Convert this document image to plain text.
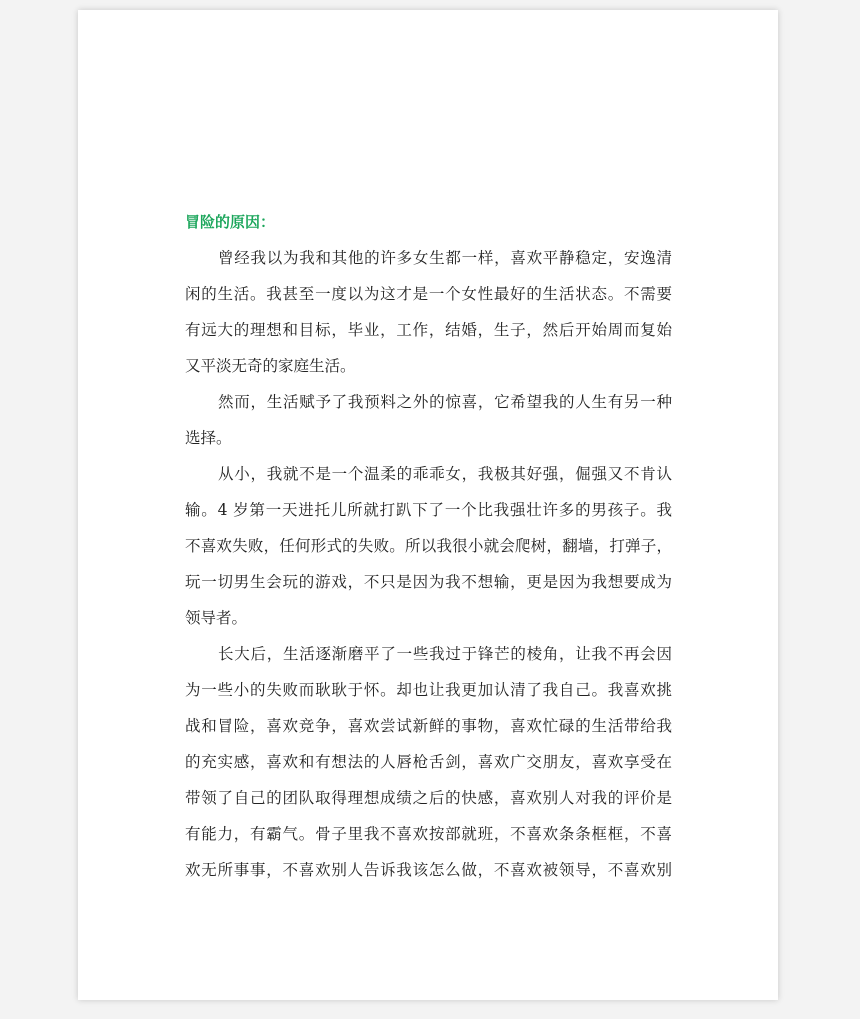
冒险的原因：
曾经我以为我和其他的许多女生都一样，喜欢平静稳定，安逸清
闲的生活。我甚至一度以为这才是一个女性最好的生活状态。不需要
有远大的理想和目标，毕业，工作，结婚，生子，然后开始周而复始
又平淡无奇的家庭生活。
然而，生活赋予了我预料之外的惊喜，它希望我的人生有另一种
选择。
从小，我就不是一个温柔的乖乖女，我极其好强，倔强又不肯认
输。4 岁第一天进托儿所就打趴下了一个比我强壮许多的男孩子。我
不喜欢失败，任何形式的失败。所以我很小就会爬树，翻墙，打弹子，
玩一切男生会玩的游戏，不只是因为我不想输，更是因为我想要成为
领导者。
长大后，生活逐渐磨平了一些我过于锋芒的棱角，让我不再会因
为一些小的失败而耿耿于怀。却也让我更加认清了我自己。我喜欢挑
战和冒险，喜欢竞争，喜欢尝试新鲜的事物，喜欢忙碌的生活带给我
的充实感，喜欢和有想法的人唇枪舌剑，喜欢广交朋友，喜欢享受在
带领了自己的团队取得理想成绩之后的快感，喜欢别人对我的评价是
有能力，有霸气。骨子里我不喜欢按部就班，不喜欢条条框框，不喜
欢无所事事，不喜欢别人告诉我该怎么做，不喜欢被领导，不喜欢别
